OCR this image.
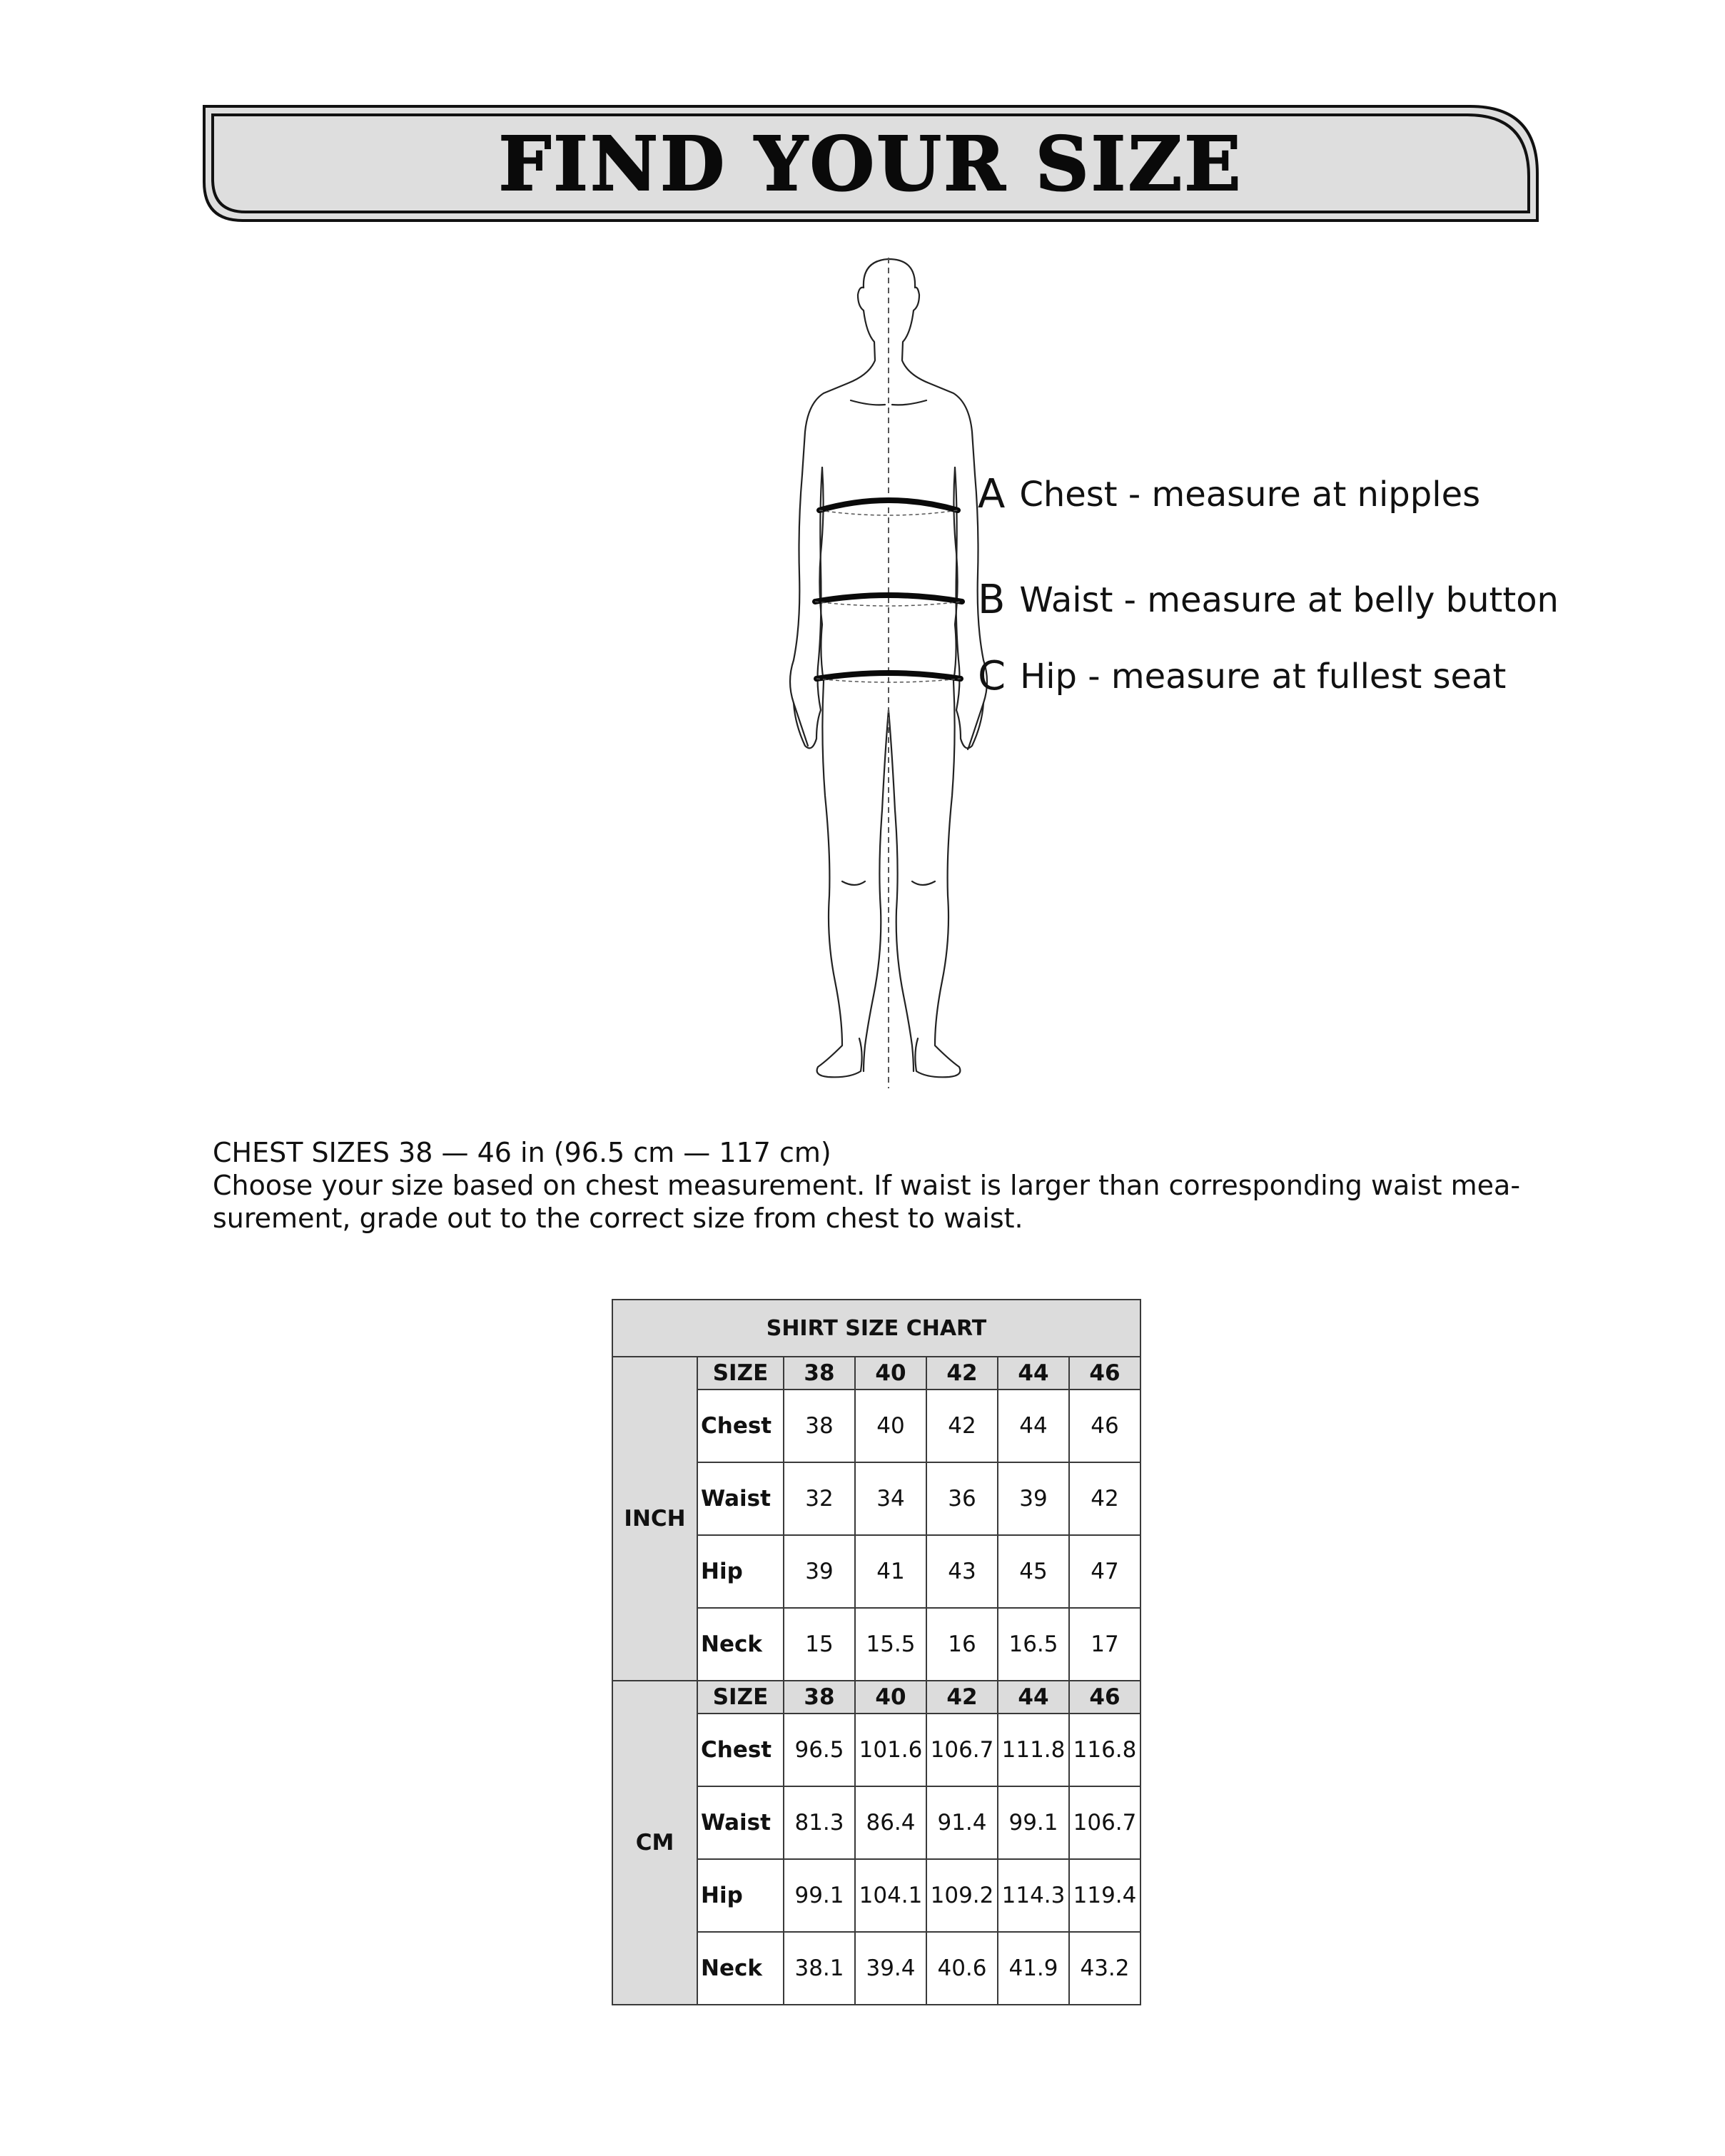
FIND YOUR SIZE
A Chest - measure at nipples
B Waist - measure at belly button
C Hip - measure at fullest seat

CHEST SIZES 38 — 46 in (96.5 cm — 117 cm)

Choose your size based on chest measurement. If waist is larger than corresponding waist mea-

surement, grade out to the correct size from chest to waist.

SHIRT SIZE CHART						
INCH	SIZE	38	40	42	44	46
	Chest	38	40	42	44	46
	Waist	32	34	36	39	42
	Hip	39	41	43	45	47
	Neck	15	15.5	16	16.5	17
CM	SIZE	38	40	42	44	46
	Chest	96.5	101.6	106.7	111.8	116.8
	Waist	81.3	86.4	91.4	99.1	106.7
	Hip	99.1	104.1	109.2	114.3	119.4
	Neck	38.1	39.4	40.6	41.9	43.2
